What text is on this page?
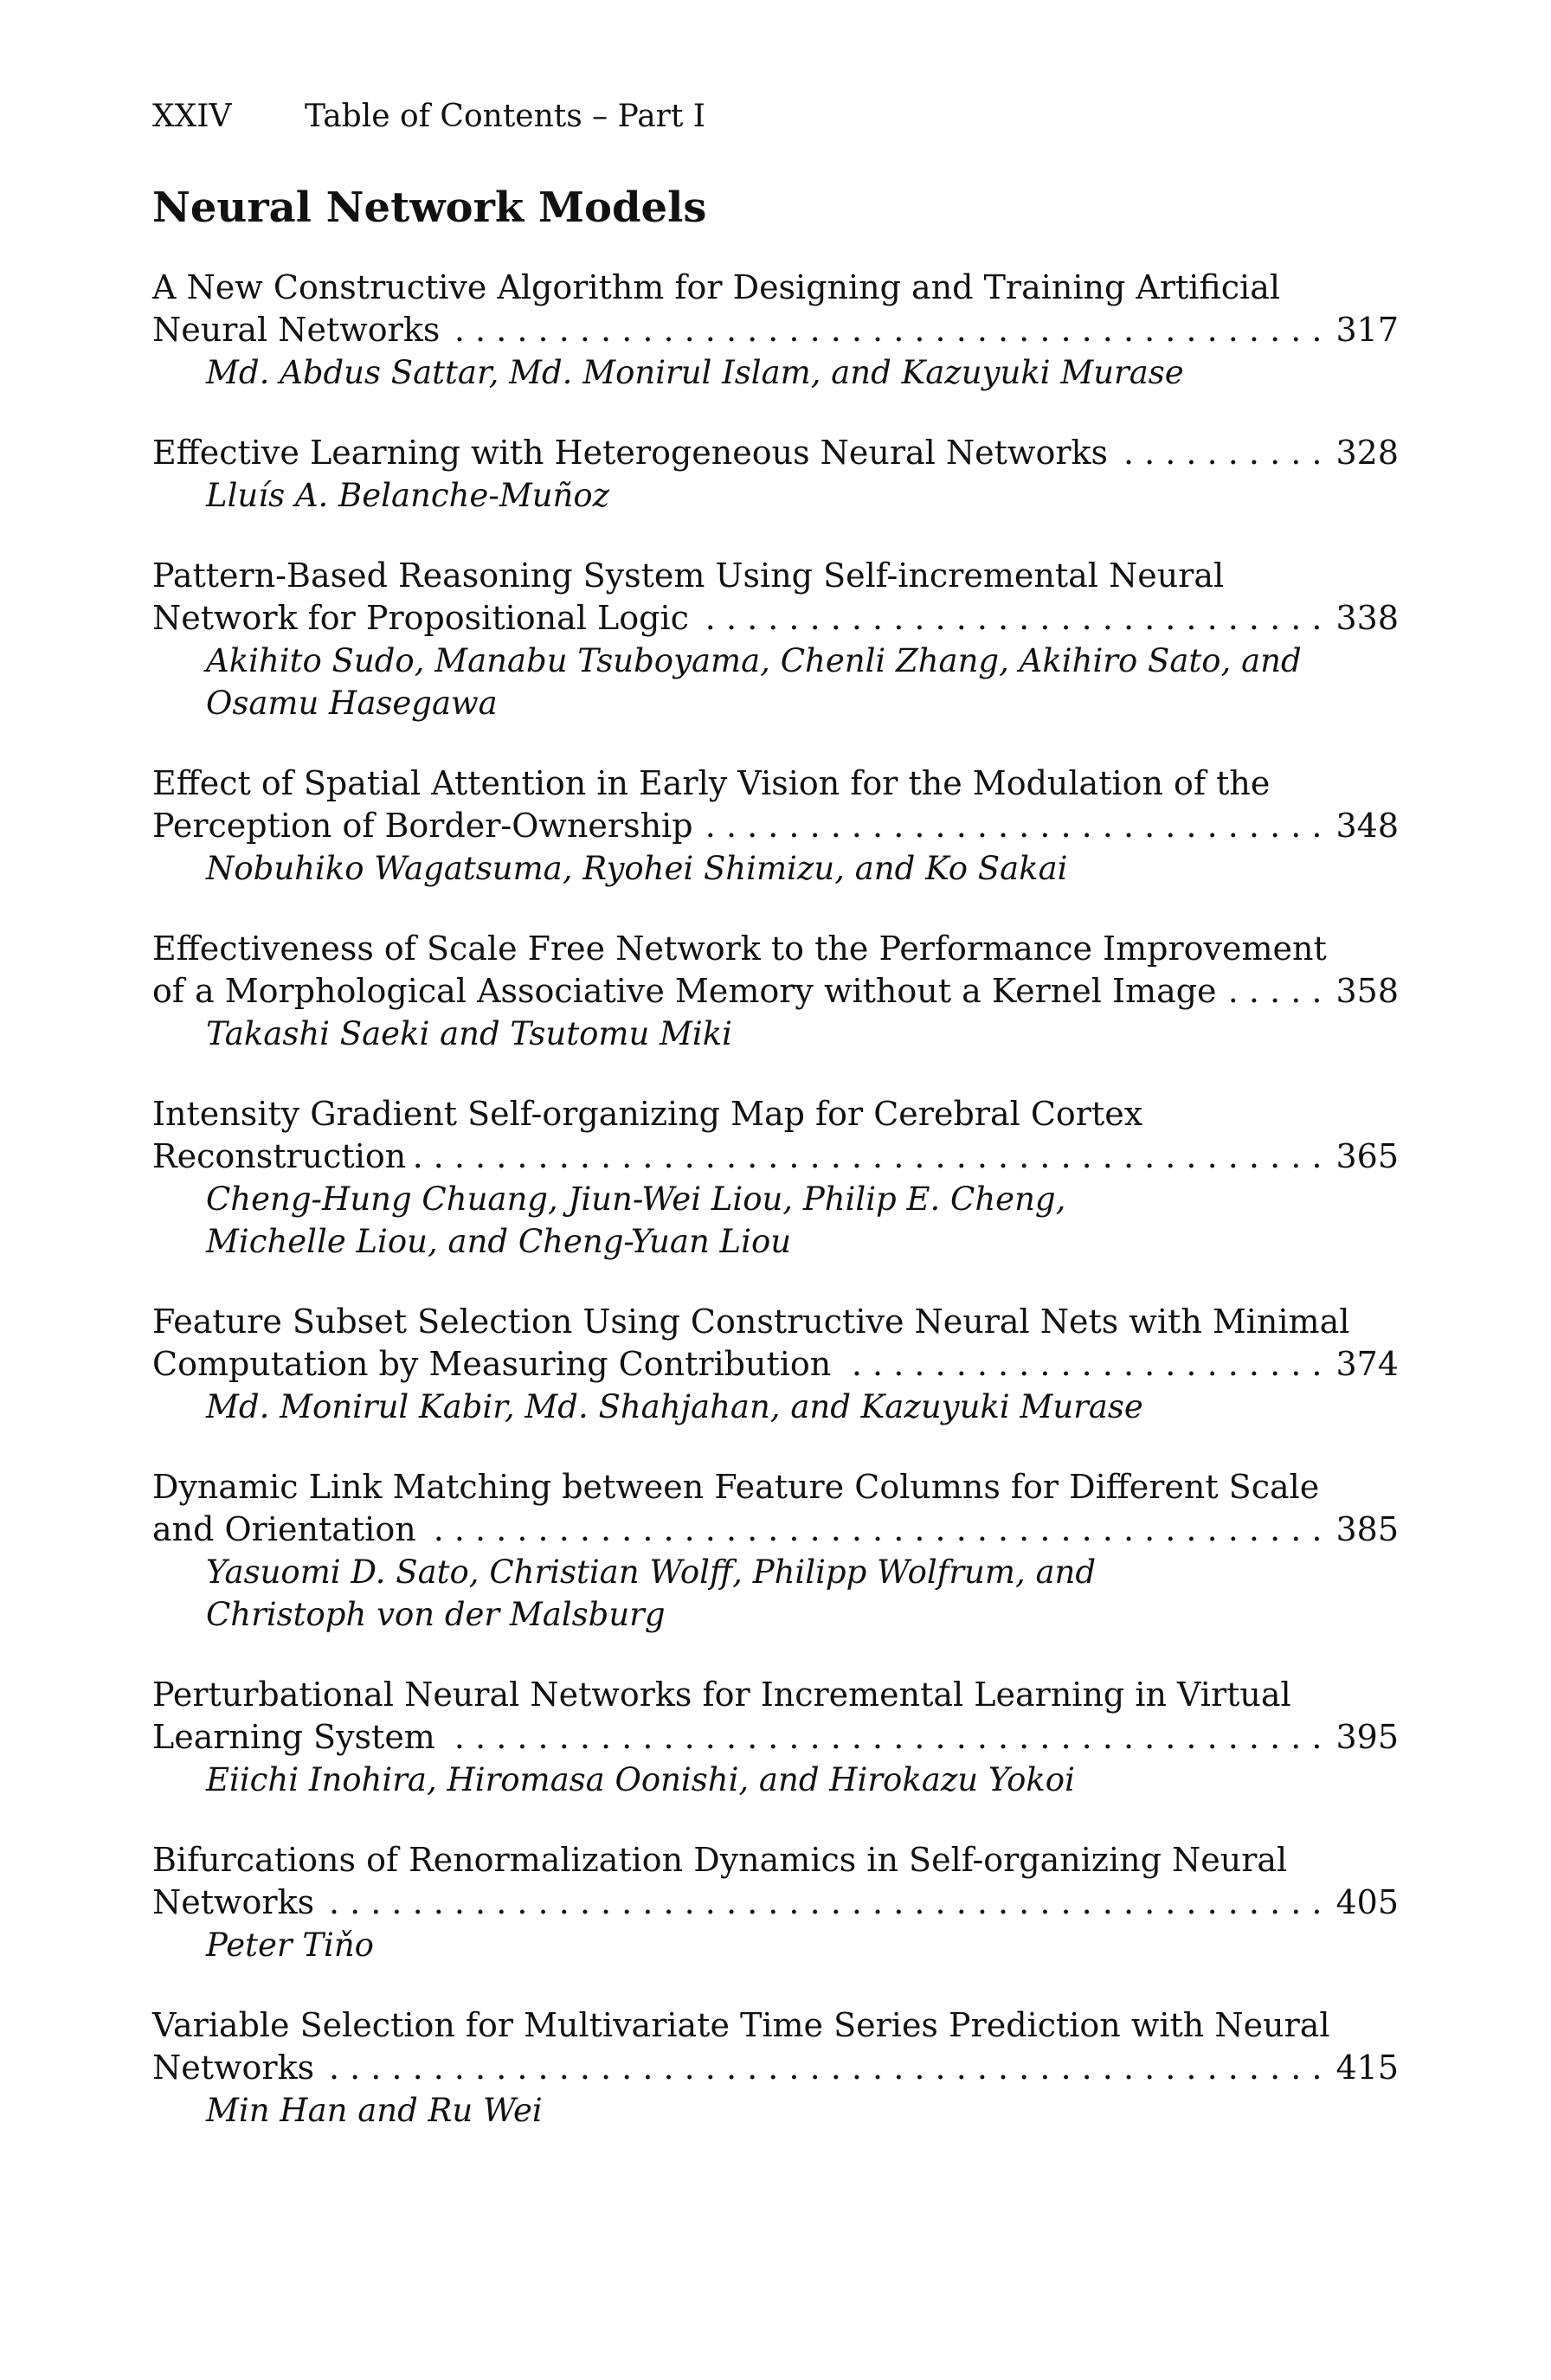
XXIV Table of Contents – Part I
Neural Network Models
A New Constructive Algorithm for Designing and Training Artificial
Neural Networks . . .	317
Md. Abdus Sattar, Md. Monirul Islam, and Kazuyuki Murase
Effective Learning with Heterogeneous Neural Networks . . .	328
Lluís A. Belanche-Muñoz
Pattern-Based Reasoning System Using Self-incremental Neural
Network for Propositional Logic . . .	338
Akihito Sudo, Manabu Tsuboyama, Chenli Zhang, Akihiro Sato, and
Osamu Hasegawa
Effect of Spatial Attention in Early Vision for the Modulation of the
Perception of Border-Ownership . . .	348
Nobuhiko Wagatsuma, Ryohei Shimizu, and Ko Sakai
Effectiveness of Scale Free Network to the Performance Improvement
of a Morphological Associative Memory without a Kernel Image . . .	358
Takashi Saeki and Tsutomu Miki
Intensity Gradient Self-organizing Map for Cerebral Cortex
Reconstruction . . .	365
Cheng-Hung Chuang, Jiun-Wei Liou, Philip E. Cheng,
Michelle Liou, and Cheng-Yuan Liou
Feature Subset Selection Using Constructive Neural Nets with Minimal
Computation by Measuring Contribution . . .	374
Md. Monirul Kabir, Md. Shahjahan, and Kazuyuki Murase
Dynamic Link Matching between Feature Columns for Different Scale
and Orientation . . .	385
Yasuomi D. Sato, Christian Wolff, Philipp Wolfrum, and
Christoph von der Malsburg
Perturbational Neural Networks for Incremental Learning in Virtual
Learning System . . .	395
Eiichi Inohira, Hiromasa Oonishi, and Hirokazu Yokoi
Bifurcations of Renormalization Dynamics in Self-organizing Neural
Networks . . .	405
Peter Tiňo
Variable Selection for Multivariate Time Series Prediction with Neural
Networks . . .	415
Min Han and Ru Wei
